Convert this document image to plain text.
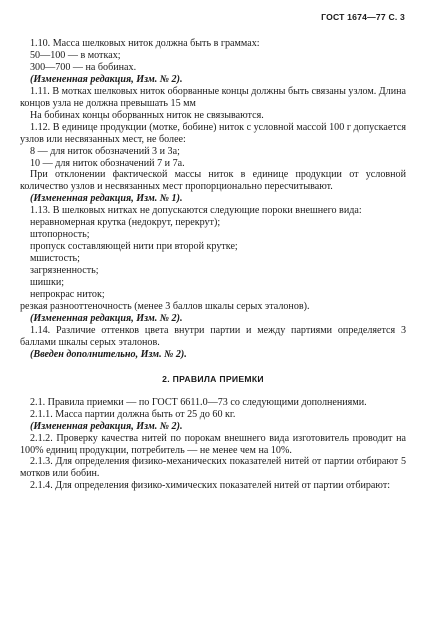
ГОСТ 1674—77 С. 3

1.10. Масса шелковых ниток должна быть в граммах:

50—100 — в мотках;

300—700 — на бобинах.

(Измененная редакция, Изм. № 2).

1.11. В мотках шелковых ниток оборванные концы должны быть связаны узлом. Длина концов узла не должна превышать 15 мм

На бобинах концы оборванных ниток не связываются.

1.12. В единице продукции (мотке, бобине) ниток с условной массой 100 г допускается узлов или несвязанных мест, не более:

8 — для ниток обозначений 3 и 3а;

10 — для ниток обозначений 7 и 7а.

При отклонении фактической массы ниток в единице продукции от условной количество узлов и несвязанных мест пропорционально пересчитывают.

(Измененная редакция, Изм. № 1).

1.13. В шелковых нитках не допускаются следующие пороки внешнего вида:

неравномерная крутка (недокрут, перекрут);

штопорность;

пропуск составляющей нити при второй крутке;

мшистость;

загрязненность;

шишки;

непрокрас ниток;

резкая разнооттеночность (менее 3 баллов шкалы серых эталонов).

(Измененная редакция, Изм. № 2).

1.14. Различие оттенков цвета внутри партии и между партиями определяется 3 баллами шкалы серых эталонов.

(Введен дополнительно, Изм. № 2).

2. ПРАВИЛА ПРИЕМКИ

2.1. Правила приемки — по ГОСТ 6611.0—73 со следующими дополнениями.

2.1.1. Масса партии должна быть от 25 до 60 кг.

(Измененная редакция, Изм. № 2).

2.1.2. Проверку качества нитей по порокам внешнего вида изготовитель проводит на 100% единиц продукции, потребитель — не менее чем на 10%.

2.1.3. Для определения физико-механических показателей нитей от партии отбирают 5 мотков или бобин.

2.1.4. Для определения физико-химических показателей нитей от партии отбирают:
